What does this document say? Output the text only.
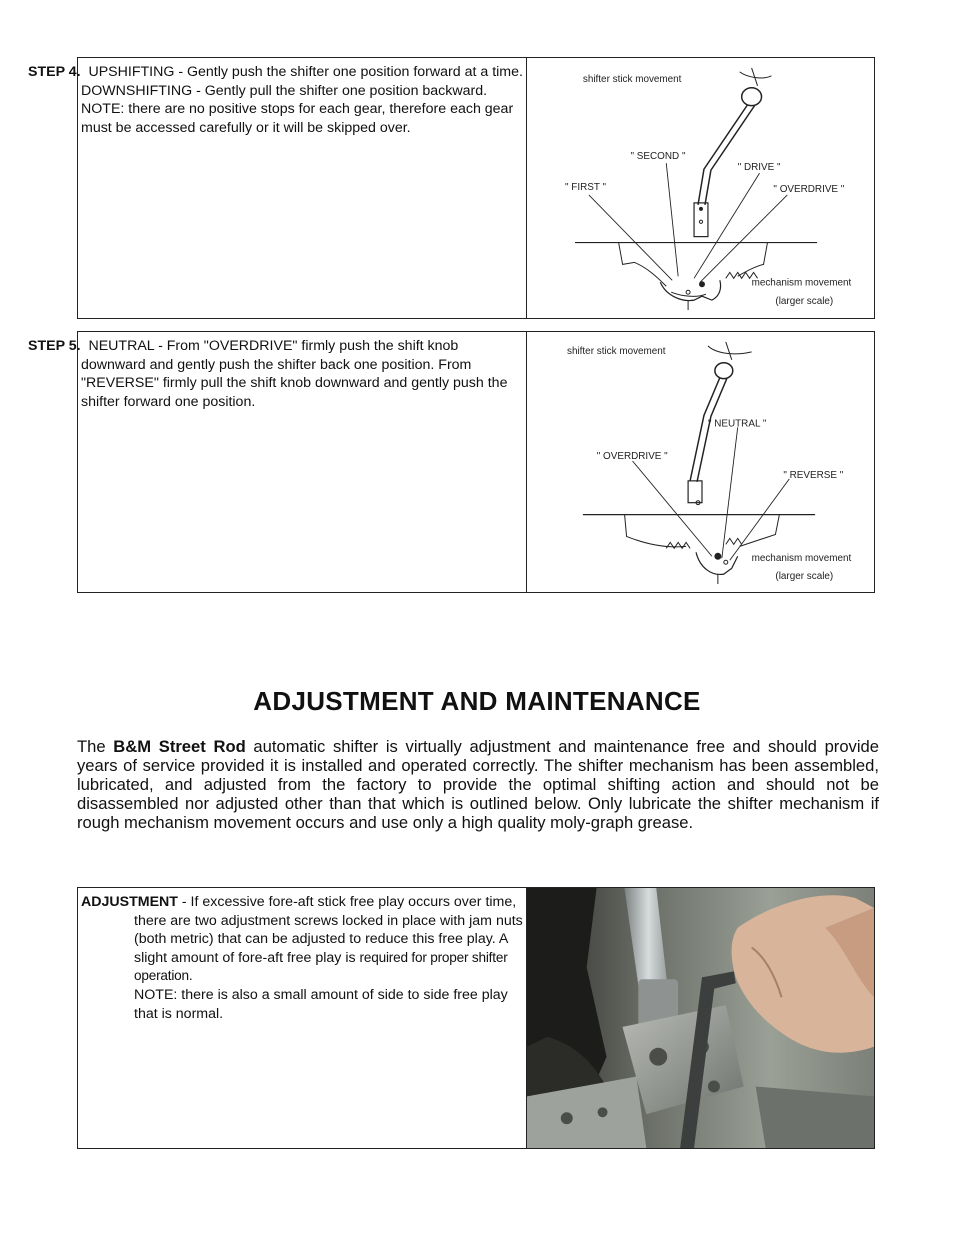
STEP 4. UPSHIFTING - Gently push the shifter one position forward at a time. DOWNSHIFTING - Gently pull the shifter one position backward. NOTE: there are no positive stops for each gear, therefore each gear must be accessed carefully or it will be skipped over.
shifter stick movement
" SECOND "
" DRIVE "
" FIRST "	" OVERDRIVE "
mechanism movement
(larger scale)
STEP 5. NEUTRAL - From "OVERDRIVE" firmly push the shift knob downward and gently push the shifter back one position. From "REVERSE" firmly pull the shift knob downward and gently push the shifter forward one position.
shifter stick movement
" NEUTRAL "
" OVERDRIVE "
" REVERSE "
mechanism movement
(larger scale)
ADJUSTMENT AND MAINTENANCE

The B&M Street Rod automatic shifter is virtually adjustment and maintenance free and should provide years of service provided it is installed and operated correctly. The shifter mechanism has been assembled, lubricated, and adjusted from the factory to provide the optimal shifting action and should not be disassembled nor adjusted other than that which is outlined below. Only lubricate the shifter mechanism if rough mechanism movement occurs and use only a high quality moly-graph grease.

ADJUSTMENT - If excessive fore-aft stick free play occurs over time, there are two adjustment screws locked in place with jam nuts (both metric) that can be adjusted to reduce this free play. A slight amount of fore-aft free play is required for proper shifter operation.
NOTE: there is also a small amount of side to side free play that is normal.
